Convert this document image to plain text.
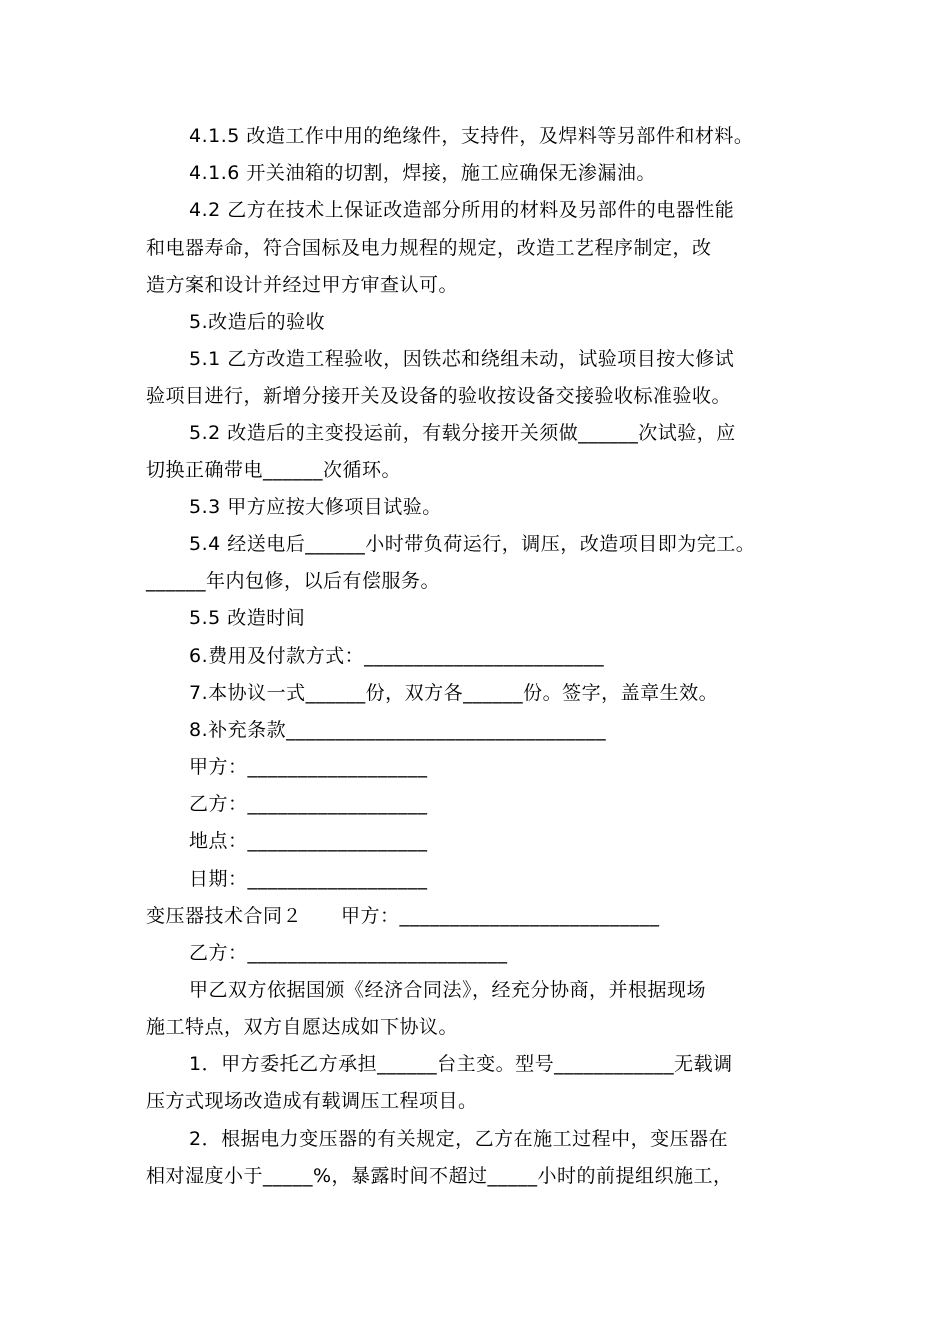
4.1.5 改造工作中用的绝缘件，支持件，及焊料等另部件和材料。
4.1.6 开关油箱的切割，焊接，施工应确保无渗漏油。
4.2 乙方在技术上保证改造部分所用的材料及另部件的电器性能
和电器寿命，符合国标及电力规程的规定，改造工艺程序制定，改
造方案和设计并经过甲方审查认可。
5.改造后的验收
5.1 乙方改造工程验收，因铁芯和绕组未动，试验项目按大修试
验项目进行，新增分接开关及设备的验收按设备交接验收标准验收。
5.2 改造后的主变投运前，有载分接开关须做______次试验，应
切换正确带电______次循环。
5.3 甲方应按大修项目试验。
5.4 经送电后______小时带负荷运行，调压，改造项目即为完工。
______年内包修，以后有偿服务。
5.5 改造时间
6.费用及付款方式：________________________
7.本协议一式______份，双方各______份。签字，盖章生效。
8.补充条款________________________________
甲方：__________________
乙方：__________________
地点：__________________
日期：__________________
变压器技术合同２　　甲方：__________________________
乙方：__________________________
甲乙双方依据国颁《经济合同法》，经充分协商，并根据现场
施工特点，双方自愿达成如下协议。
1．甲方委托乙方承担______台主变。型号____________无载调
压方式现场改造成有载调压工程项目。
2．根据电力变压器的有关规定，乙方在施工过程中，变压器在
相对湿度小于_____%，暴露时间不超过_____小时的前提组织施工，
